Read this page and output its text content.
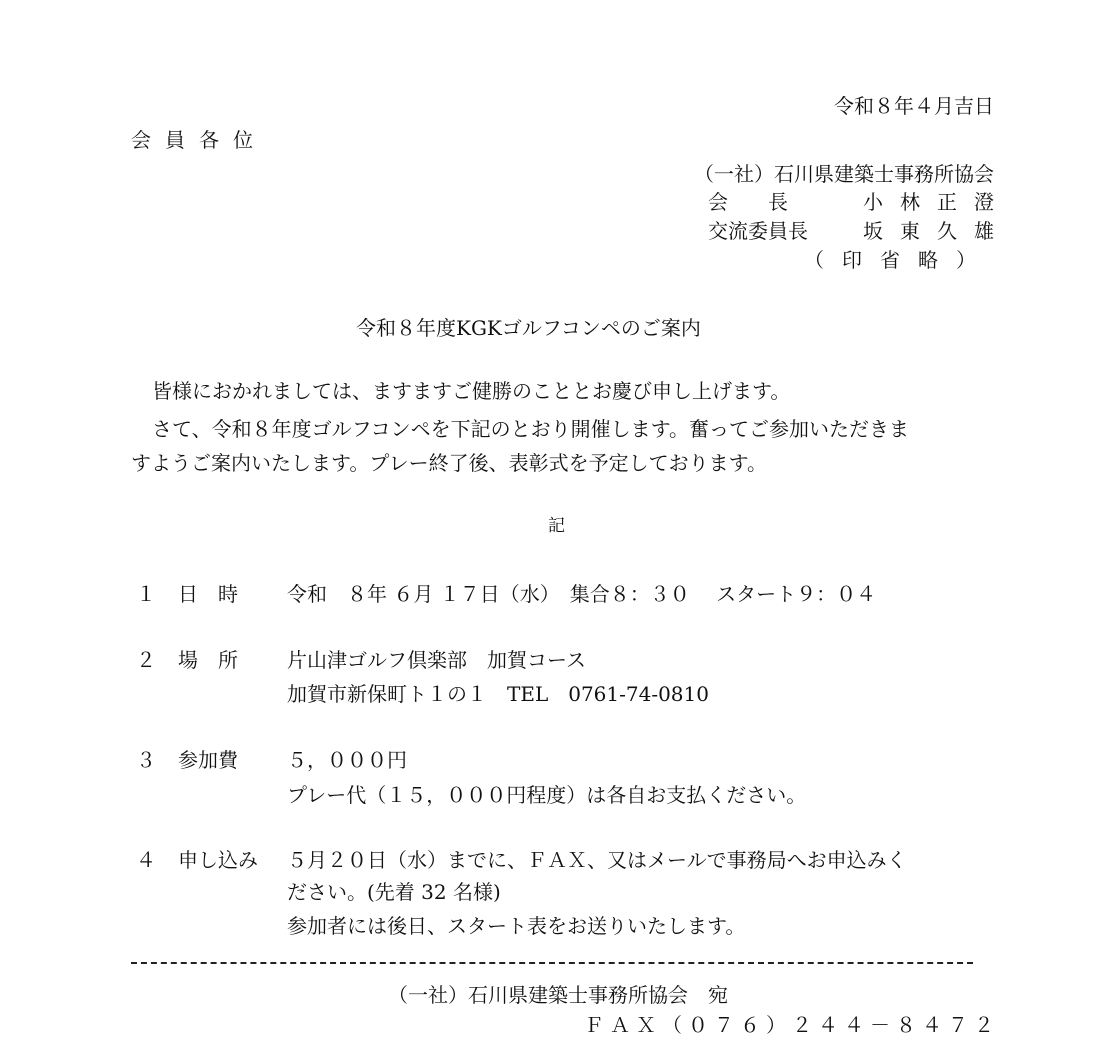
令和８年４月吉日
会員各位
（一社）石川県建築士事務所協会
会　　長	小林正澄
交流委員長	坂東久雄
（印省略）
令和８年度KGKゴルフコンペのご案内
皆様におかれましては、ますますご健勝のこととお慶び申し上げます。
さて、令和８年度ゴルフコンペを下記のとおり開催します。奮ってご参加いただきま
すようご案内いたします。プレー終了後、表彰式を予定しております。
記
１ 日　時 令和　８年 ６月 １７日（水）　集合８：３０　 スタート９：０４
２ 場　所 片山津ゴルフ倶楽部　加賀コース
加賀市新保町ト１の１　TEL　0761-74-0810
３ 参加費 ５，０００円
プレー代（１５，０００円程度）は各自お支払ください。
４ 申し込み ５月２０日（水）までに、ＦＡＸ、又はメールで事務局へお申込みく
ださい。(先着 32 名様)
参加者には後日、スタート表をお送りいたします。
（一社）石川県建築士事務所協会　宛
ＦＡＸ（０７６）２４４－８４７２
